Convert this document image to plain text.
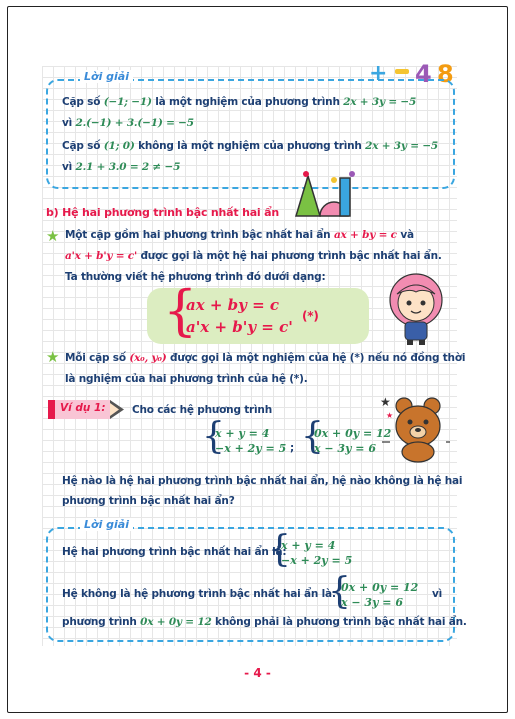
+ 4 8
Lời giải
Cặp số (−1; −1) là một nghiệm của phương trình 2x + 3y = −5
vì 2.(−1) + 3.(−1) = −5
Cặp số (1; 0) không là một nghiệm của phương trình 2x + 3y = −5
vì 2.1 + 3.0 = 2 ≠ −5
b) Hệ hai phương trình bậc nhất hai ẩn
★ Một cặp gồm hai phương trình bậc nhất hai ẩn ax + by = c và
a'x + b'y = c' được gọi là một hệ hai phương trình bậc nhất hai ẩn.
Ta thường viết hệ phương trình đó dưới dạng:
{
ax + by = c
a'x + b'y = c'
(*)
★ Mỗi cặp số (x₀, y₀) được gọi là một nghiệm của hệ (*) nếu nó đồng thời
là nghiệm của hai phương trình của hệ (*).
Ví dụ 1:	Cho các hệ phương trình
{
x + y = 4
−x + 2y = 5 ; {
0x + 0y = 12
x − 3y = 6
★
★
Hệ nào là hệ hai phương trình bậc nhất hai ẩn, hệ nào không là hệ hai
phương trình bậc nhất hai ẩn?
Lời giải
Hệ hai phương trình bậc nhất hai ẩn là:
{
x + y = 4
−x + 2y = 5
Hệ không là hệ phương trình bậc nhất hai ẩn là:
{
0x + 0y = 12
x − 3y = 6
vì
phương trình 0x + 0y = 12 không phải là phương trình bậc nhất hai ẩn.
- 4 -
